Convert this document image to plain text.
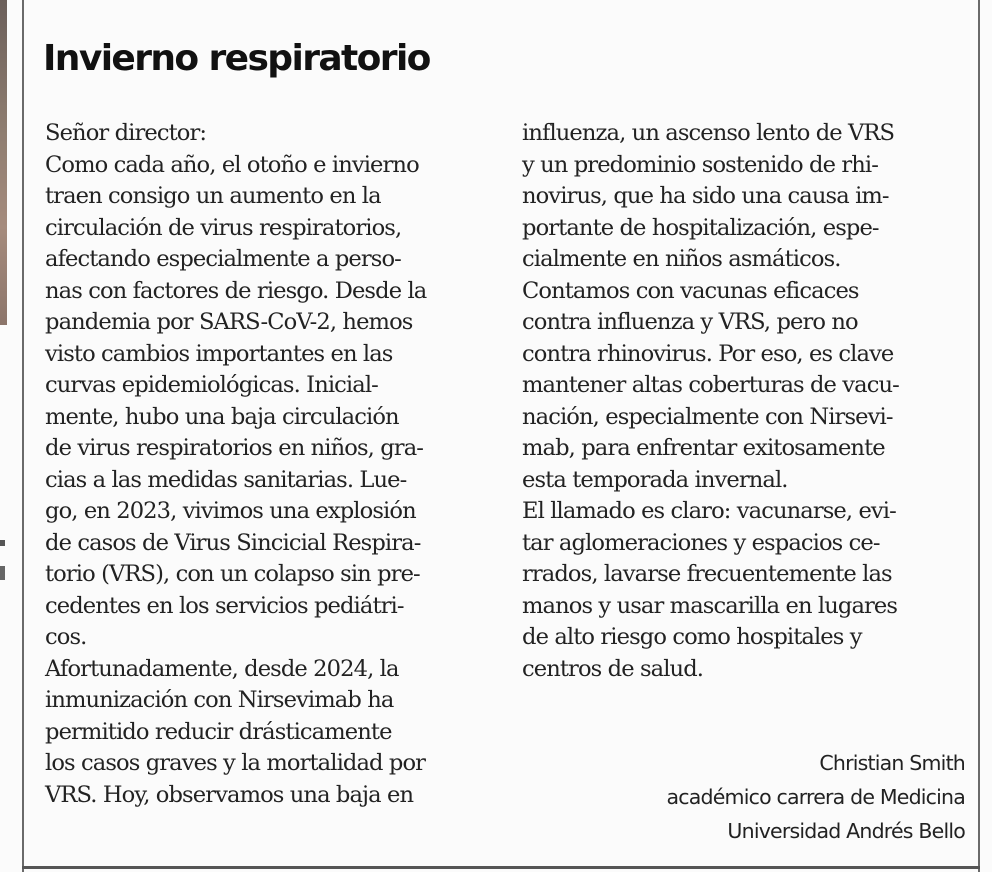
Invierno respiratorio
Señor director:
Como cada año, el otoño e invierno
traen consigo un aumento en la
circulación de virus respiratorios,
afectando especialmente a perso-
nas con factores de riesgo. Desde la
pandemia por SARS-CoV-2, hemos
visto cambios importantes en las
curvas epidemiológicas. Inicial-
mente, hubo una baja circulación
de virus respiratorios en niños, gra-
cias a las medidas sanitarias. Lue-
go, en 2023, vivimos una explosión
de casos de Virus Sincicial Respira-
torio (VRS), con un colapso sin pre-
cedentes en los servicios pediátri-
cos.
Afortunadamente, desde 2024, la
inmunización con Nirsevimab ha
permitido reducir drásticamente
los casos graves y la mortalidad por
VRS. Hoy, observamos una baja en
influenza, un ascenso lento de VRS
y un predominio sostenido de rhi-
novirus, que ha sido una causa im-
portante de hospitalización, espe-
cialmente en niños asmáticos.
Contamos con vacunas eficaces
contra influenza y VRS, pero no
contra rhinovirus. Por eso, es clave
mantener altas coberturas de vacu-
nación, especialmente con Nirsevi-
mab, para enfrentar exitosamente
esta temporada invernal.
El llamado es claro: vacunarse, evi-
tar aglomeraciones y espacios ce-
rrados, lavarse frecuentemente las
manos y usar mascarilla en lugares
de alto riesgo como hospitales y
centros de salud.
Christian Smith
académico carrera de Medicina
Universidad Andrés Bello
